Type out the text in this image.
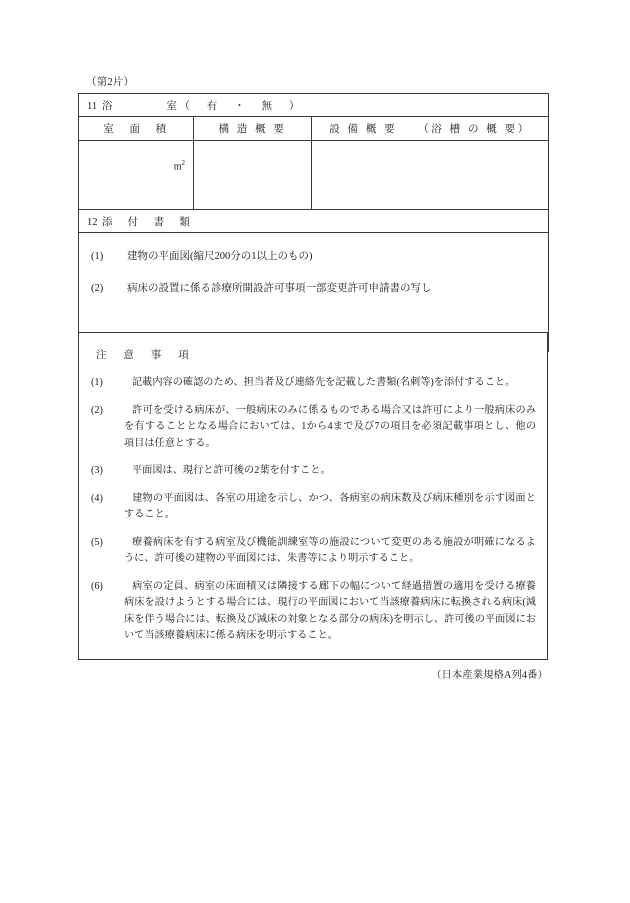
（第2片）
11 浴　　　　室（　有　・　無　）		
室　面　積	構 造 概 要	設 備 概 要　　（浴 槽 の 概 要）

$m^2$

12 添　付　書　類

(1)	建物の平面図(縮尺200分の1以上のもの)
(2)	病床の設置に係る診療所開設許可事項一部変更許可申請書の写し
注　意　事　項
(1)	記載内容の確認のため、担当者及び連絡先を記載した書類(名刺等)を添付すること。
(2)	許可を受ける病床が、一般病床のみに係るものである場合又は許可により一般病床のみを有することとなる場合においては、1から4まで及び7の項目を必須 +記載事項とし、他の項目は任意とする。
(3)	平面図は、現行と許可後の2葉を付すこと。
(4)	建物の平面図は、各室の用途を示し、かつ、各病室の病床数及び病床種別を示す図面とすること。
(5)	療養病床を有する病室及び機能訓練室等の施設について変更のある施設が明確になるように、許可後の建物の平面図には、朱書等により明示すること。
(6)	病室の定員、病室の床面積又は隣接する廊下の幅について経過措置の適用を受ける療養病床を設けようとする場合には、現行の平面図において当該療養病床に転換される病床(減床を伴う場合には、転換及び減床の対象となる部分の病床)を明示し、許可後の平面図において当該療養病床に係る病床を明示すること。
（日本産業規格A列4番）
